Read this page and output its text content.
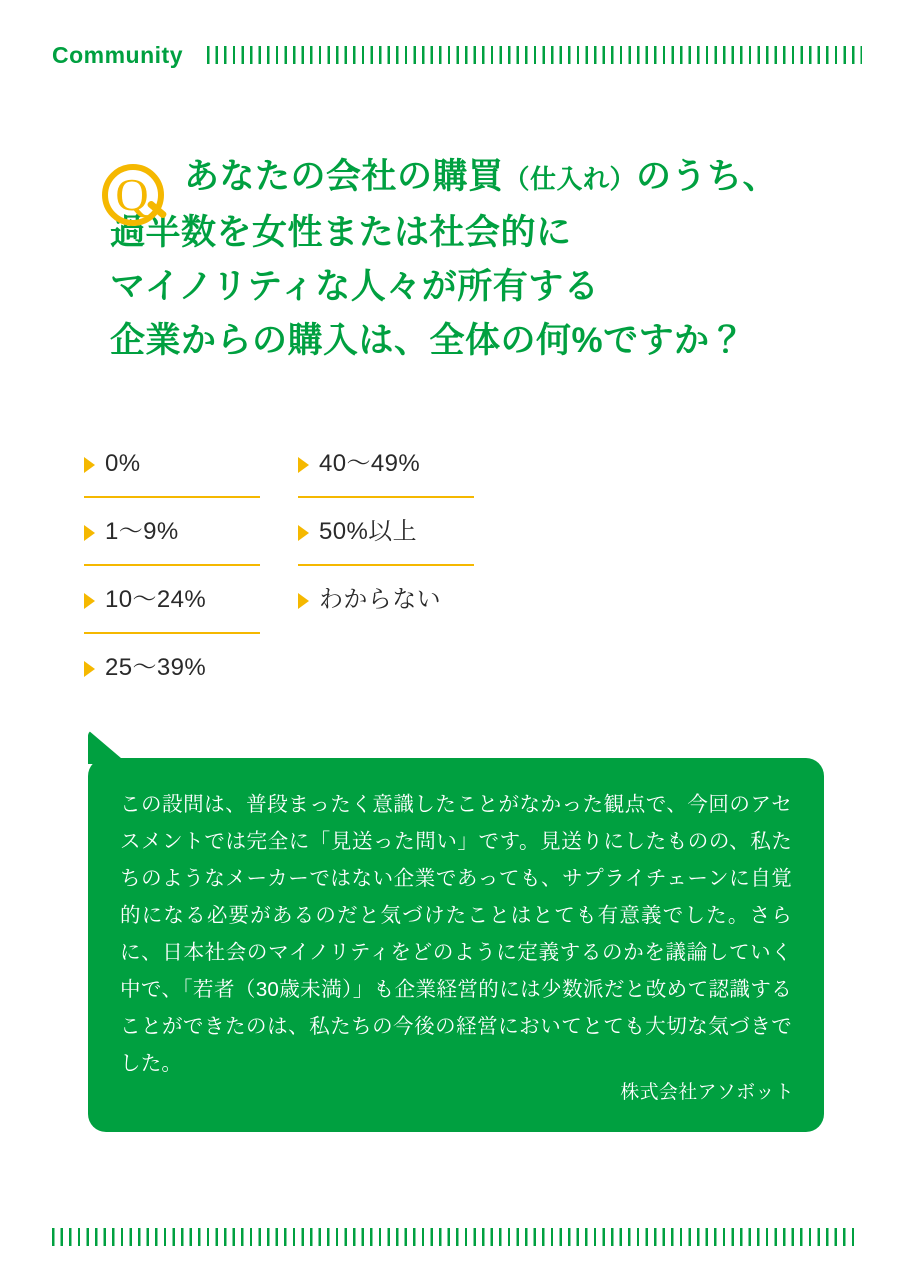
Community
Q	あなたの会社の購買（仕入れ）のうち、
過半数を女性または社会的に
マイノリティな人々が所有する
企業からの購入は、全体の何%ですか？
0%
1〜9%
10〜24%
25〜39%
40〜49%
50%以上
わからない
この設問は、普段まったく意識したことがなかった観点で、今回のアセスメントでは完全に「見送った問い」です。見送りにしたものの、私たちのようなメーカーではない企業であっても、サプライチェーンに自覚的になる必要があるのだと気づけたことはとても有意義でした。さらに、日本社会のマイノリティをどのように定義するのかを議論していく中で、「若者（30歳未満）」も企業経営的には少数派だと改めて認識することができたのは、私たちの今後の経営においてとても大切な気づきでした。
株式会社アソボット
